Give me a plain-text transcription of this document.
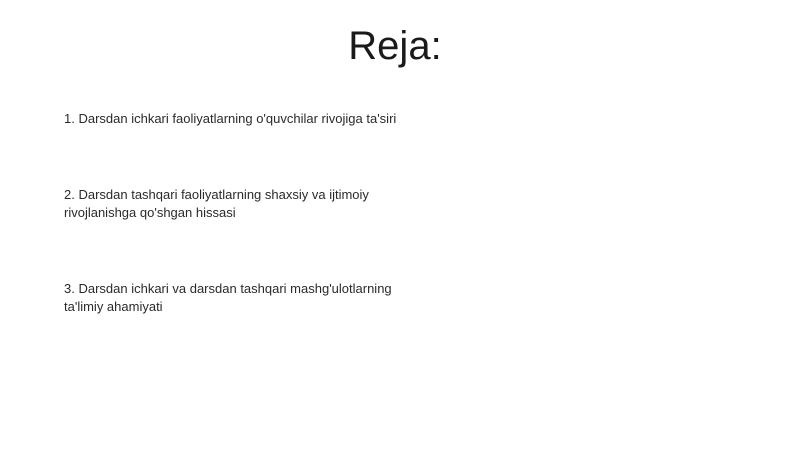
Reja:
1. Darsdan ichkari faoliyatlarning o'quvchilar rivojiga ta'siri
2. Darsdan tashqari faoliyatlarning shaxsiy va ijtimoiy rivojlanishga qo'shgan hissasi
3. Darsdan ichkari va darsdan tashqari mashg'ulotlarning ta'limiy ahamiyati
